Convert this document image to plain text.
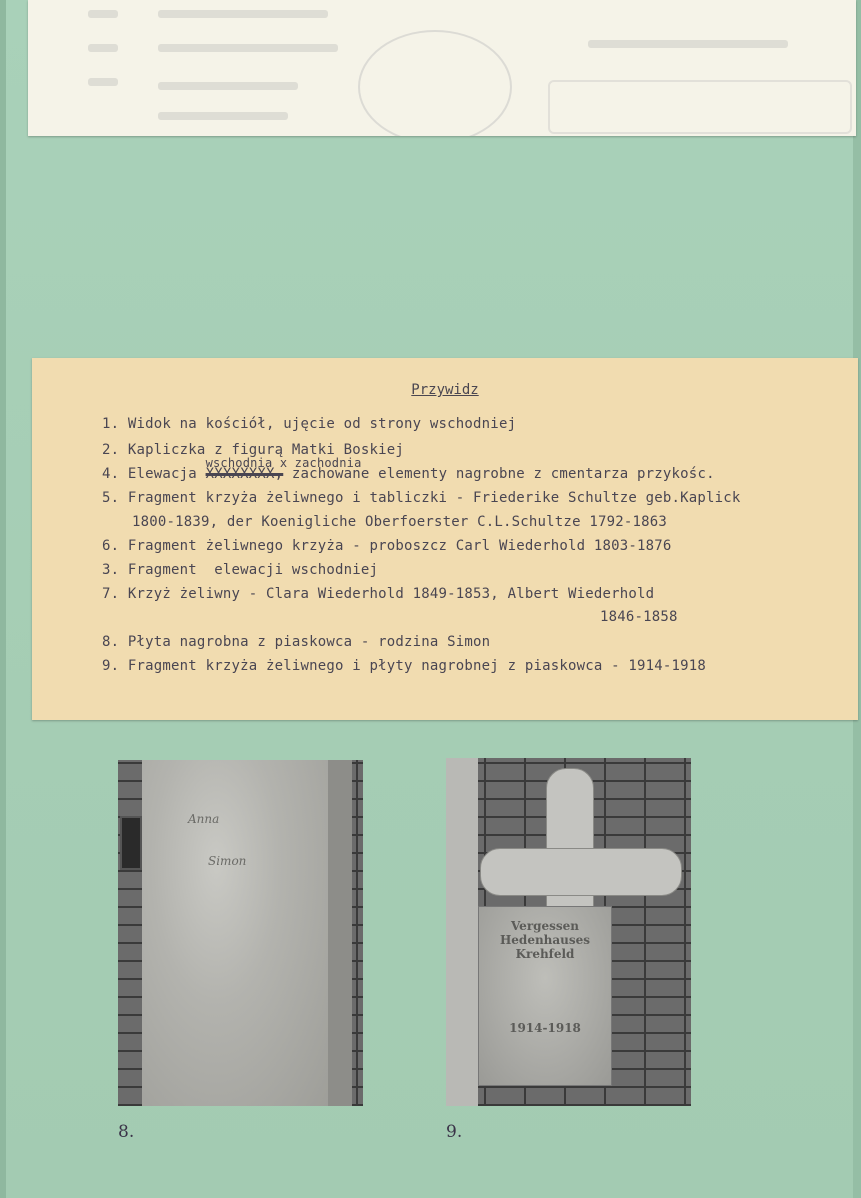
Przywidz
1. Widok na kościół, ujęcie od strony wschodniej
2. Kapliczka z figurą Matki Boskiej
4. Elewacja
wschodnia x zachodnia
XXXXXXXX, zachowane elementy nagrobne z cmentarza przykośc.
5. Fragment krzyża żeliwnego i tabliczki - Friederike Schultze geb.Kaplick
1800-1839, der Koenigliche Oberfoerster C.L.Schultze 1792-1863
6. Fragment żeliwnego krzyża - proboszcz Carl Wiederhold 1803-1876
3. Fragment  elewacji wschodniej
7. Krzyż żeliwny - Clara Wiederhold 1849-1853, Albert Wiederhold
1846-1858
8. Płyta nagrobna z piaskowca - rodzina Simon
9. Fragment krzyża żeliwnego i płyty nagrobnej z piaskowca - 1914-1918
Anna
Simon
8.
Vergessen
Hedenhauses
Krehfeld
1914-1918
9.
